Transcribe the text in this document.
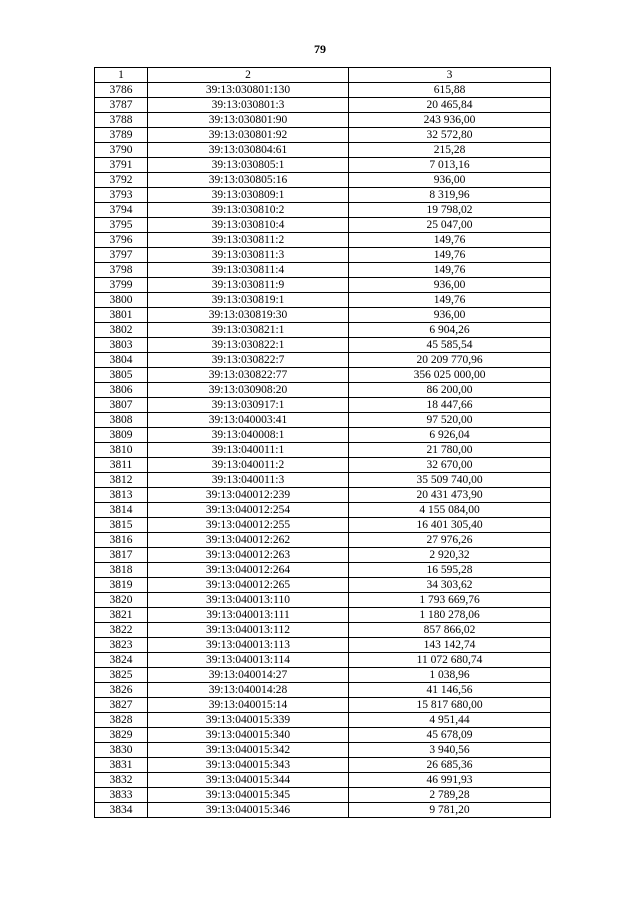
79
1	2	3
3786	39:13:030801:130	615,88
3787	39:13:030801:3	20 465,84
3788	39:13:030801:90	243 936,00
3789	39:13:030801:92	32 572,80
3790	39:13:030804:61	215,28
3791	39:13:030805:1	7 013,16
3792	39:13:030805:16	936,00
3793	39:13:030809:1	8 319,96
3794	39:13:030810:2	19 798,02
3795	39:13:030810:4	25 047,00
3796	39:13:030811:2	149,76
3797	39:13:030811:3	149,76
3798	39:13:030811:4	149,76
3799	39:13:030811:9	936,00
3800	39:13:030819:1	149,76
3801	39:13:030819:30	936,00
3802	39:13:030821:1	6 904,26
3803	39:13:030822:1	45 585,54
3804	39:13:030822:7	20 209 770,96
3805	39:13:030822:77	356 025 000,00
3806	39:13:030908:20	86 200,00
3807	39:13:030917:1	18 447,66
3808	39:13:040003:41	97 520,00
3809	39:13:040008:1	6 926,04
3810	39:13:040011:1	21 780,00
3811	39:13:040011:2	32 670,00
3812	39:13:040011:3	35 509 740,00
3813	39:13:040012:239	20 431 473,90
3814	39:13:040012:254	4 155 084,00
3815	39:13:040012:255	16 401 305,40
3816	39:13:040012:262	27 976,26
3817	39:13:040012:263	2 920,32
3818	39:13:040012:264	16 595,28
3819	39:13:040012:265	34 303,62
3820	39:13:040013:110	1 793 669,76
3821	39:13:040013:111	1 180 278,06
3822	39:13:040013:112	857 866,02
3823	39:13:040013:113	143 142,74
3824	39:13:040013:114	11 072 680,74
3825	39:13:040014:27	1 038,96
3826	39:13:040014:28	41 146,56
3827	39:13:040015:14	15 817 680,00
3828	39:13:040015:339	4 951,44
3829	39:13:040015:340	45 678,09
3830	39:13:040015:342	3 940,56
3831	39:13:040015:343	26 685,36
3832	39:13:040015:344	46 991,93
3833	39:13:040015:345	2 789,28
3834	39:13:040015:346	9 781,20
